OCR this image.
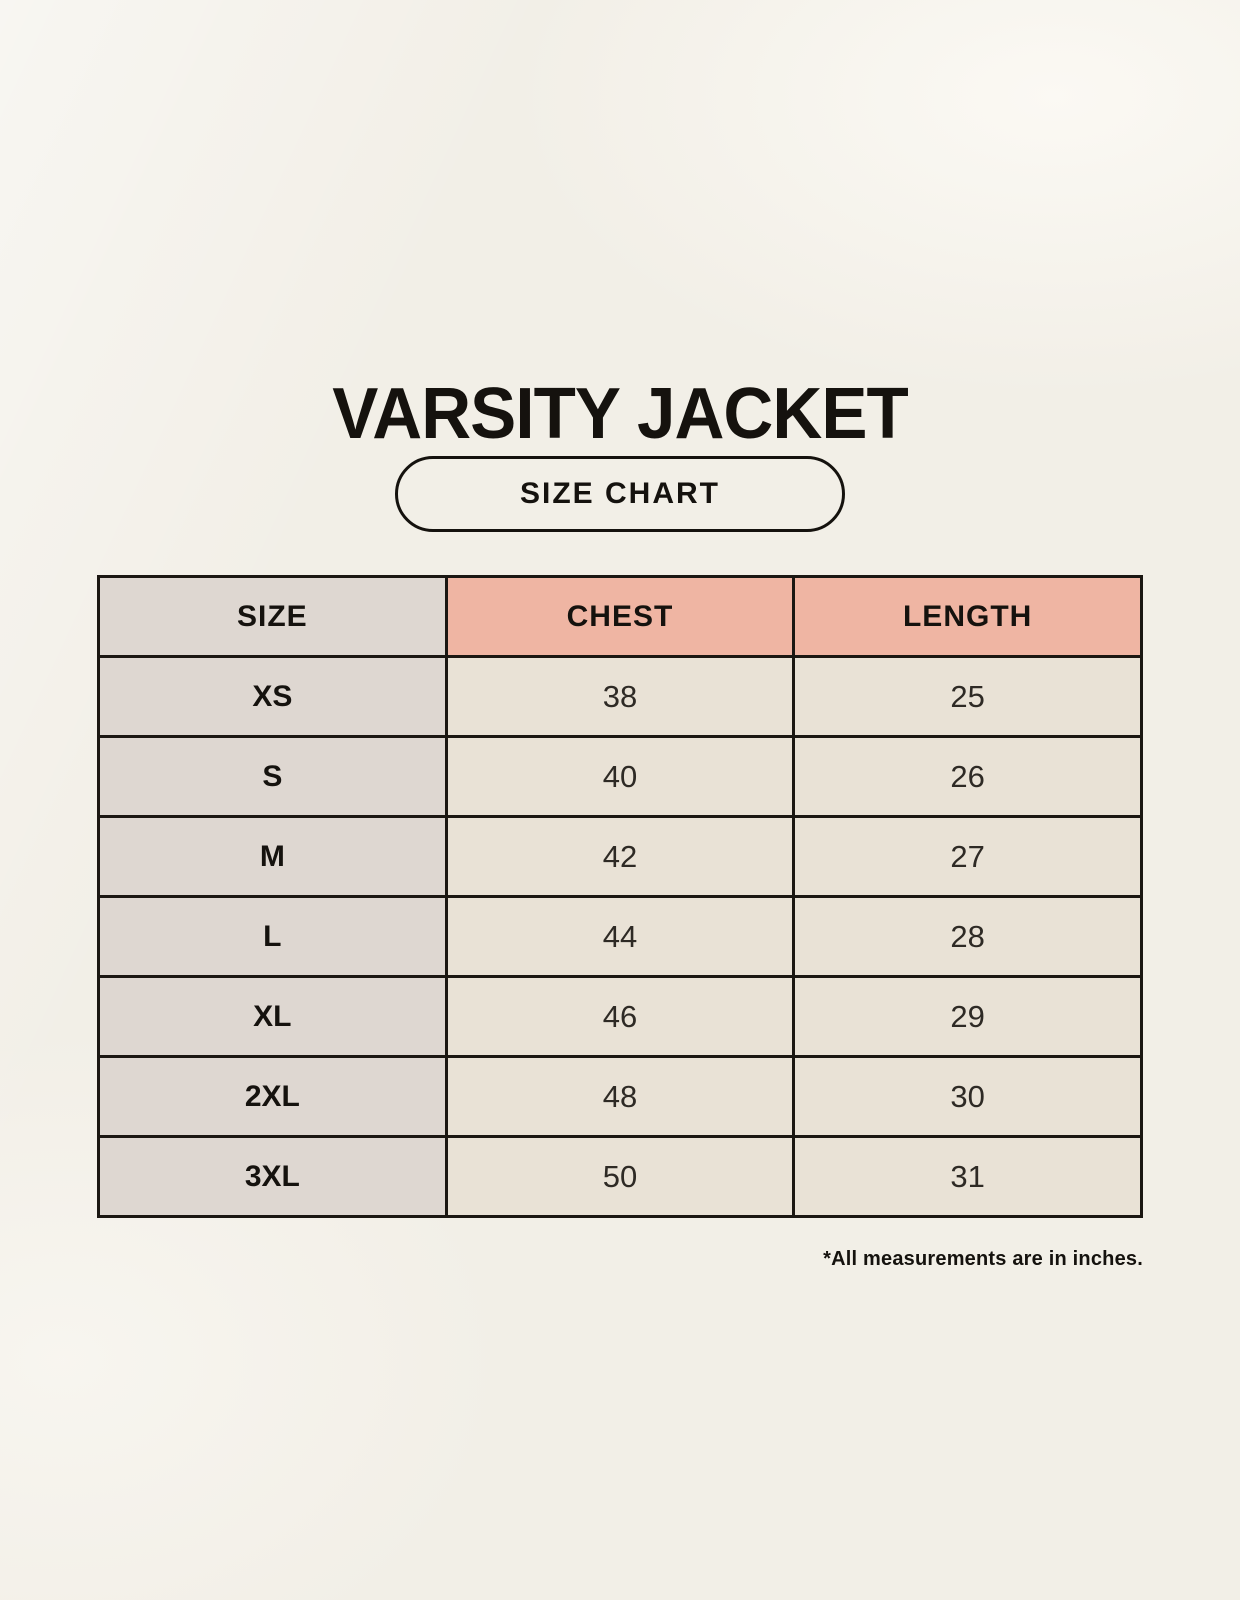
VARSITY JACKET
SIZE CHART
SIZE	CHEST	LENGTH
XS	38	25
S	40	26
M	42	27
L	44	28
XL	46	29
2XL	48	30
3XL	50	31
*All measurements are in inches.
